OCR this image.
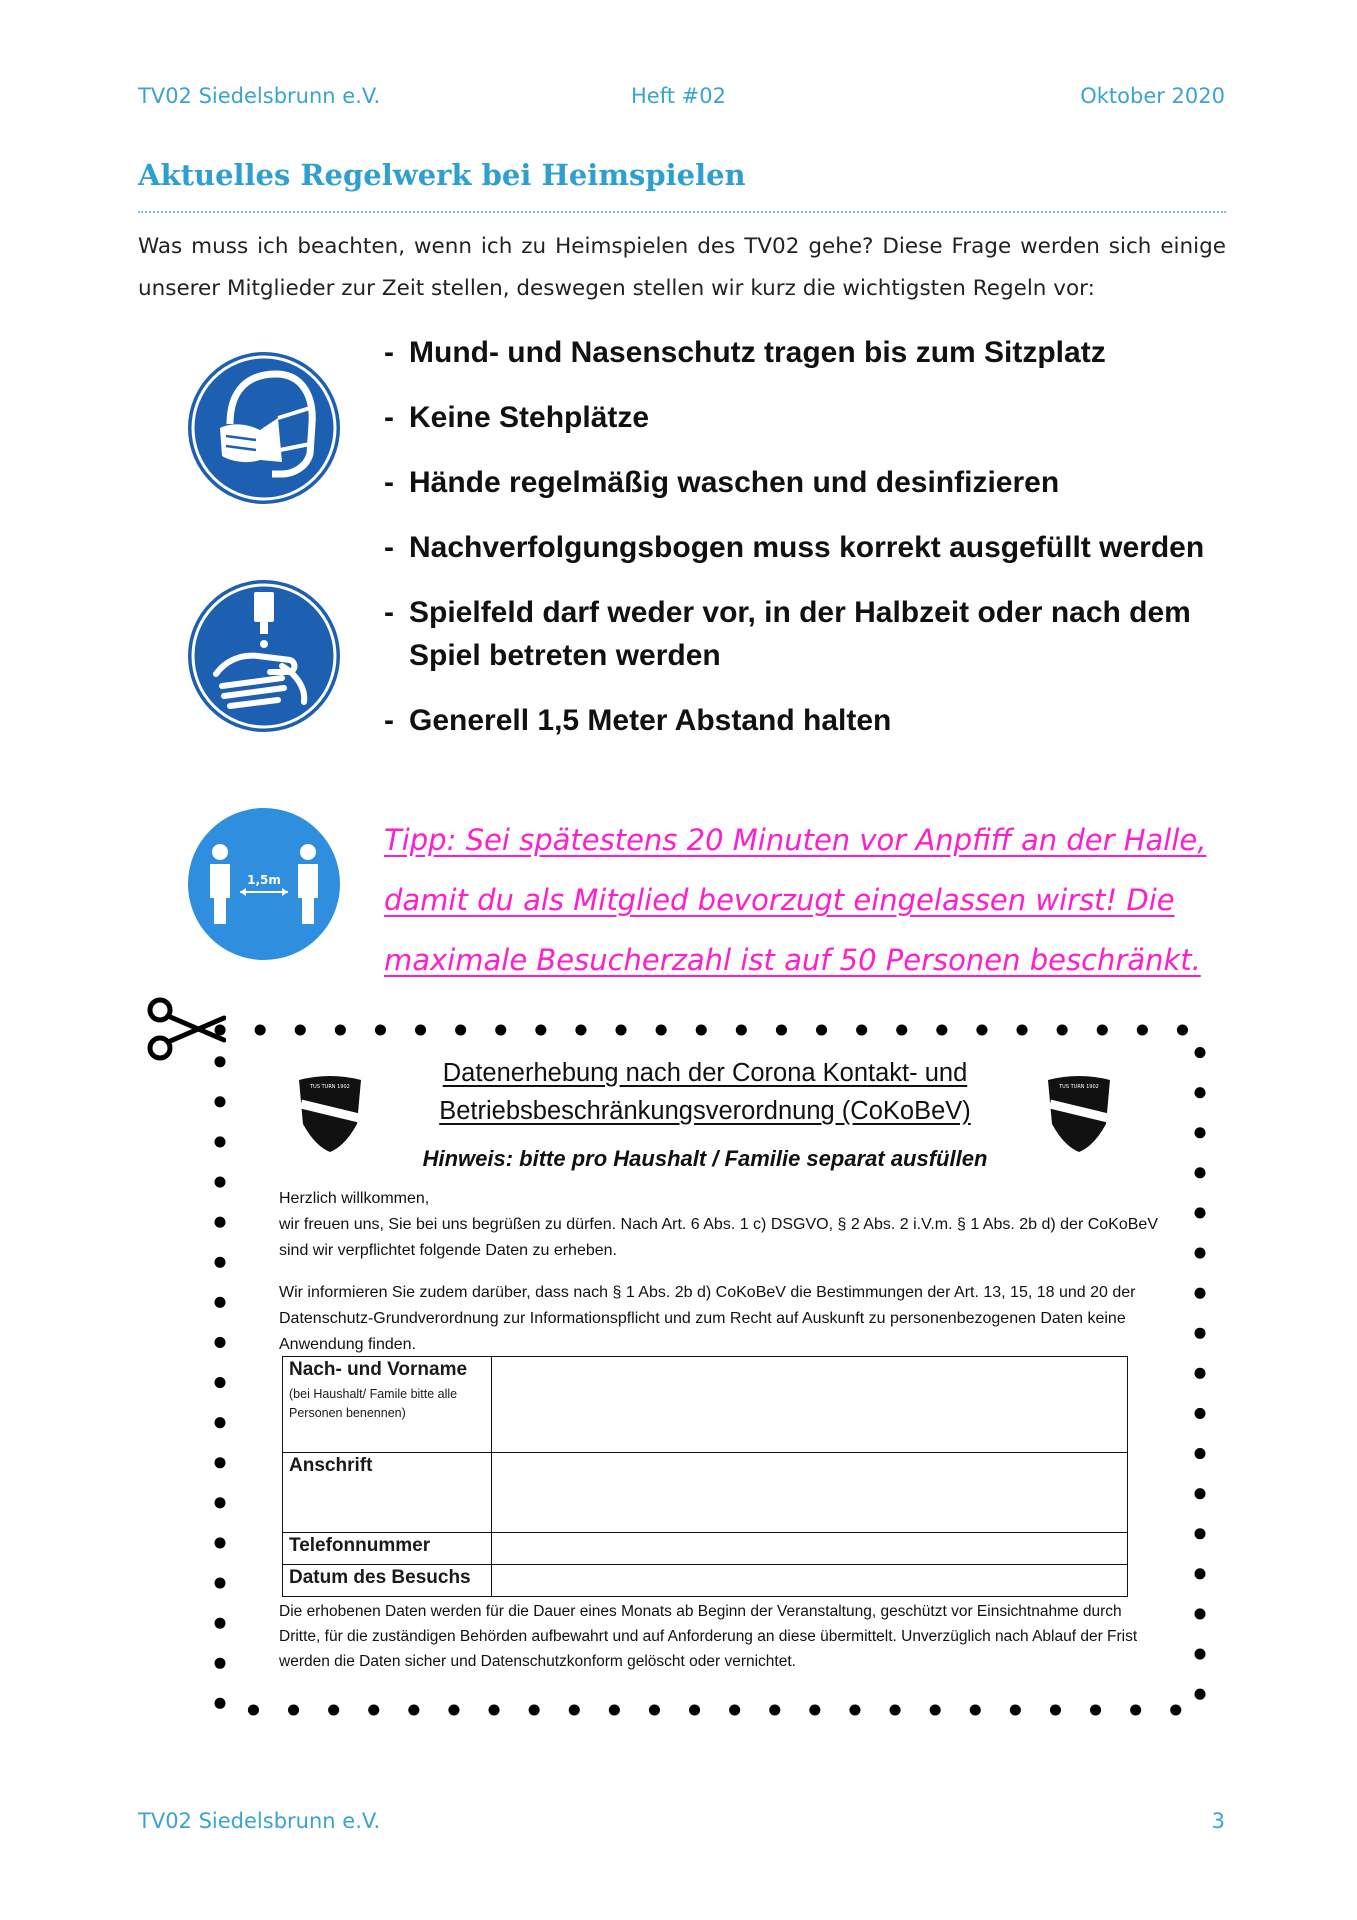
TV02 Siedelsbrunn e.V.	Heft #02	Oktober 2020
Aktuelles Regelwerk bei Heimspielen

Was muss ich beachten, wenn ich zu Heimspielen des TV02 gehe? Diese Frage werden sich einige unserer Mitglieder zur Zeit stellen, deswegen stellen wir kurz die wichtigsten Regeln vor:

1,5m
- Mund- und Nasenschutz tragen bis zum Sitzplatz
- Keine Stehplätze
- Hände regelmäßig waschen und desinfizieren
- Nachverfolgungsbogen muss korrekt ausgefüllt werden
- Spielfeld darf weder vor, in der Halbzeit oder nach dem Spiel betreten werden
- Generell 1,5 Meter Abstand halten

Tipp: Sei spätestens 20 Minuten vor Anpfiff an der Halle, damit du als Mitglied bevorzugt eingelassen wirst! Die maximale Besucherzahl ist auf 50 Personen beschränkt.

TUS TURN 1902	TUS TURN 1902
Datenerhebung nach der Corona Kontakt- und
Betriebsbeschränkungsverordnung (CoKoBeV)

Hinweis: bitte pro Haushalt / Familie separat ausfüllen

Herzlich willkommen,

wir freuen uns, Sie bei uns begrüßen zu dürfen. Nach Art. 6 Abs. 1 c) DSGVO, § 2 Abs. 2 i.V.m. § 1 Abs. 2b d) der CoKoBeV sind wir verpflichtet folgende Daten zu erheben.

Wir informieren Sie zudem darüber, dass nach § 1 Abs. 2b d) CoKoBeV die Bestimmungen der Art. 13, 15, 18 und 20 der Datenschutz-Grundverordnung zur Informationspflicht und zum Recht auf Auskunft zu personenbezogenen Daten keine Anwendung finden.

Nach- und Vorname
(bei Haushalt/ Famile bitte alle Personen benennen)	

Anschrift	
Telefonnummer	
Datum des Besuchs	

Die erhobenen Daten werden für die Dauer eines Monats ab Beginn der Veranstaltung, geschützt vor Einsichtnahme durch Dritte, für die zuständigen Behörden aufbewahrt und auf Anforderung an diese übermittelt. Unverzüglich nach Ablauf der Frist werden die Daten sicher und Datenschutzkonform gelöscht oder vernichtet.

TV02 Siedelsbrunn e.V.	3
